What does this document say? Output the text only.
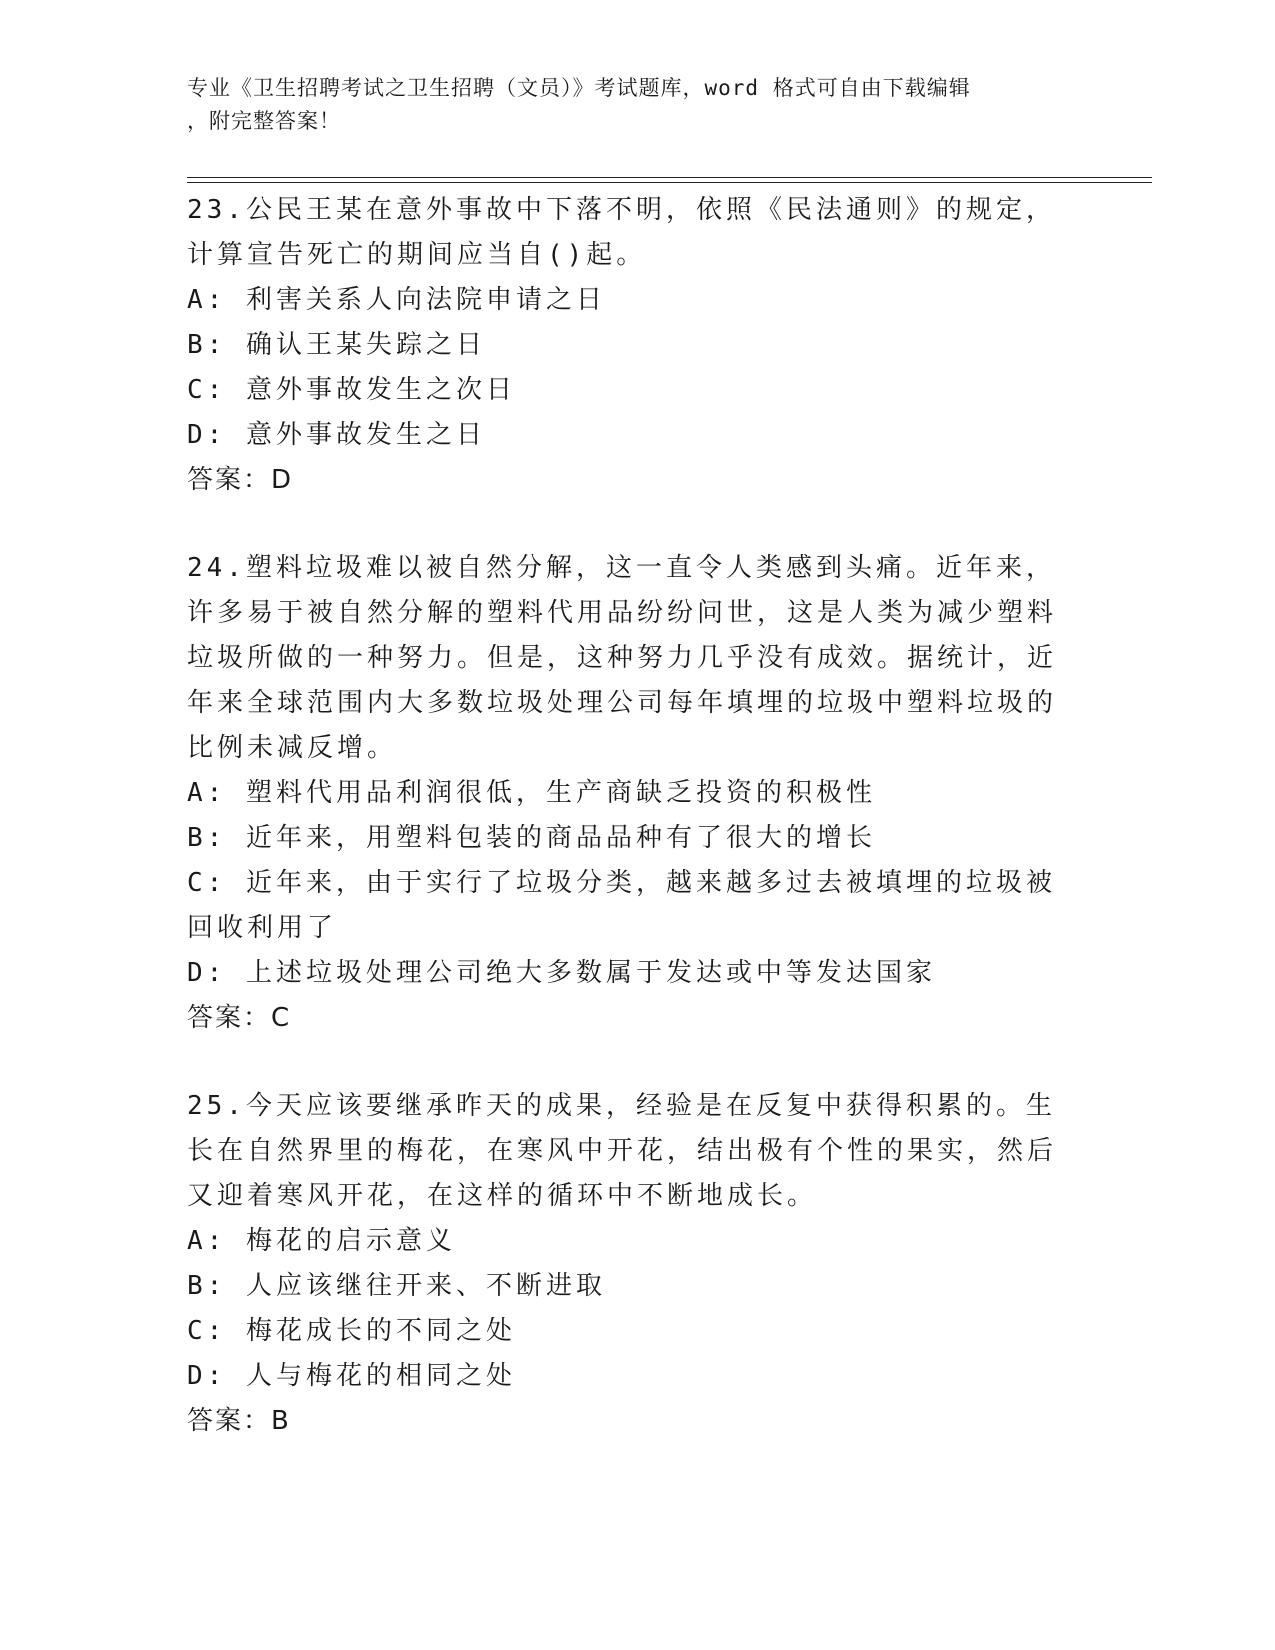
专业《卫生招聘考试之卫生招聘（文员）》考试题库，word 格式可自由下载编辑
，附完整答案！

23.公民王某在意外事故中下落不明，依照《民法通则》的规定，计算宣告死亡的期间应当自()起。

A: 利害关系人向法院申请之日

B: 确认王某失踪之日

C: 意外事故发生之次日

D: 意外事故发生之日

答案：D

24.塑料垃圾难以被自然分解，这一直令人类感到头痛。近年来，许多易于被自然分解的塑料代用品纷纷问世，这是人类为减少塑料垃圾所做的一种努力。但是，这种努力几乎没有成效。据统计，近年来全球范围内大多数垃圾处理公司每年填埋的垃圾中塑料垃圾的比例未减反增。

A: 塑料代用品利润很低，生产商缺乏投资的积极性

B: 近年来，用塑料包装的商品品种有了很大的增长

C: 近年来，由于实行了垃圾分类，越来越多过去被填埋的垃圾被回收利用了

D: 上述垃圾处理公司绝大多数属于发达或中等发达国家

答案：C

25.今天应该要继承昨天的成果，经验是在反复中获得积累的。生长在自然界里的梅花，在寒风中开花，结出极有个性的果实，然后又迎着寒风开花，在这样的循环中不断地成长。

A: 梅花的启示意义

B: 人应该继往开来、不断进取

C: 梅花成长的不同之处

D: 人与梅花的相同之处

答案：B
